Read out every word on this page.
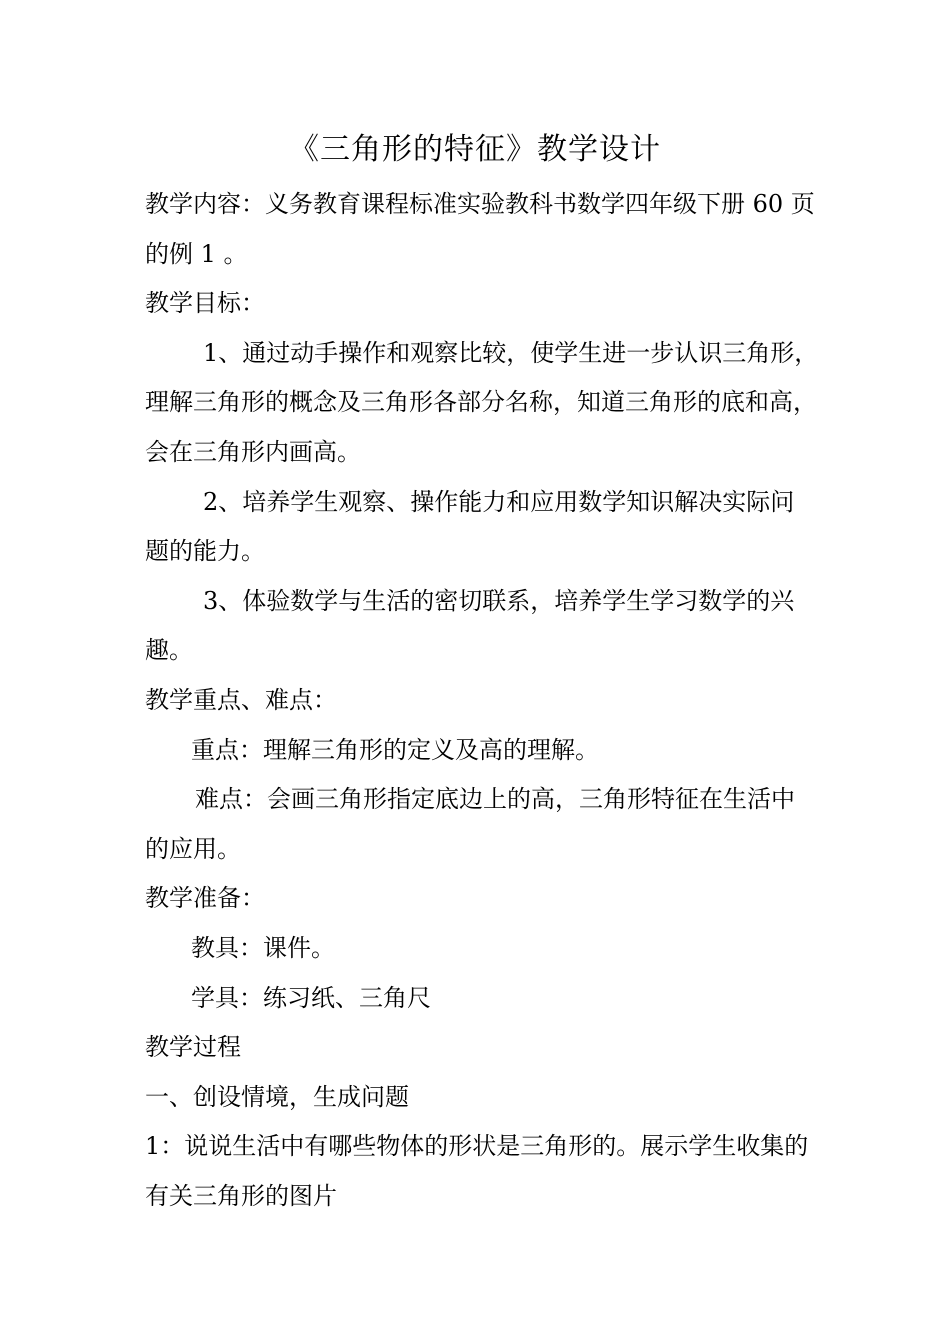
《三角形的特征》教学设计
教学内容：义务教育课程标准实验教科书数学四年级下册 60 页
的例 1 。
教学目标：
1、通过动手操作和观察比较，使学生进一步认识三角形，
理解三角形的概念及三角形各部分名称，知道三角形的底和高，
会在三角形内画高。
2、培养学生观察、操作能力和应用数学知识解决实际问
题的能力。
3、体验数学与生活的密切联系，培养学生学习数学的兴
趣。
教学重点、难点：
重点：理解三角形的定义及高的理解。
难点：会画三角形指定底边上的高，三角形特征在生活中
的应用。
教学准备：
教具：课件。
学具：练习纸、三角尺
教学过程
一、创设情境，生成问题
1：说说生活中有哪些物体的形状是三角形的。展示学生收集的
有关三角形的图片
